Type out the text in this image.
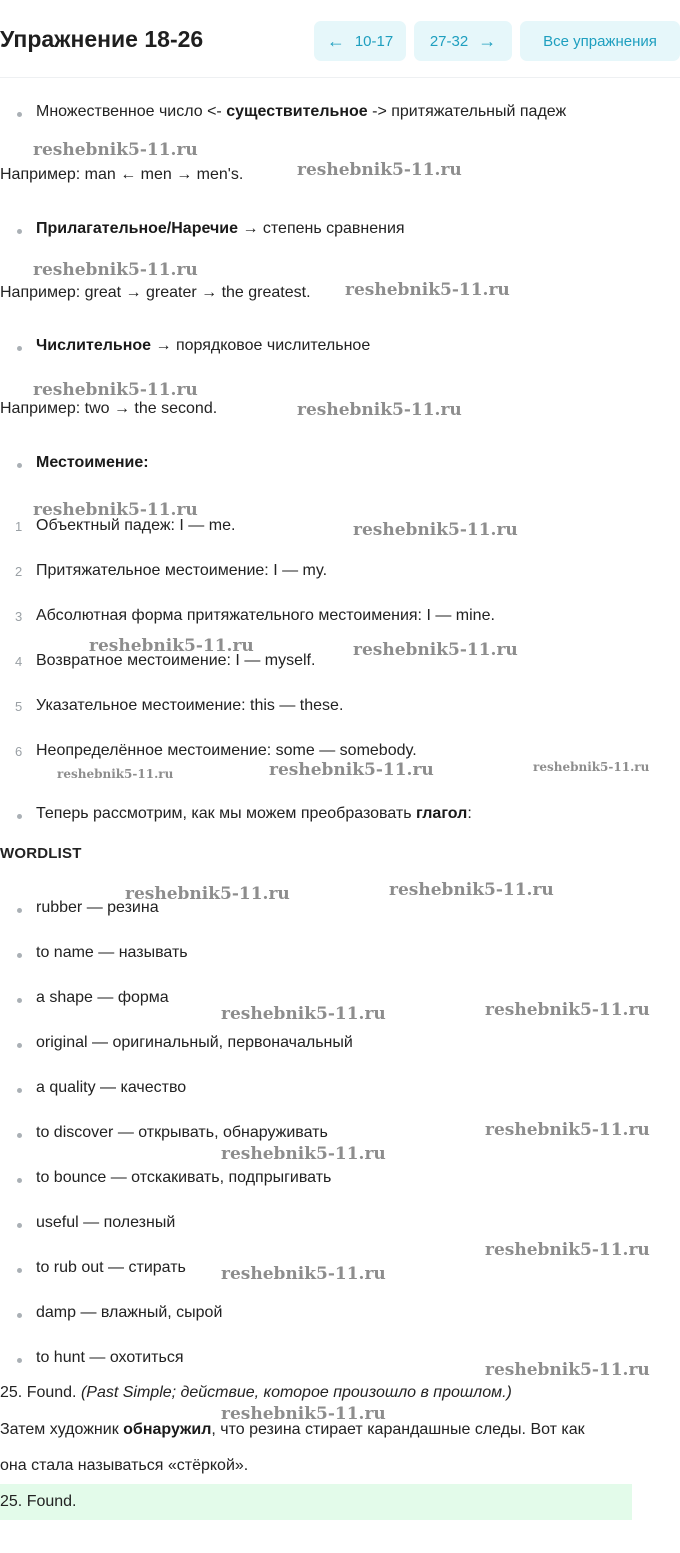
Упражнение 18-26	← 10-17 27-32 →	Все упражнения
Множественное число <- существительное -> притяжательный падеж
Например: man ← men → men's.
Прилагательное/Наречие → степень сравнения
Например: great → greater → the greatest.
Числительное → порядковое числительное
Например: two → the second.
Местоимение:
1 Объектный падеж: I — me.
2 Притяжательное местоимение: I — my.
3 Абсолютная форма притяжательного местоимения: I — mine.
4 Возвратное местоимение: I — myself.
5 Указательное местоимение: this — these.
6 Неопределённое местоимение: some — somebody.
Теперь рассмотрим, как мы можем преобразовать глагол:
WORDLIST
rubber — резина
to name — называть
a shape — форма
original — оригинальный, первоначальный
a quality — качество
to discover — открывать, обнаруживать
to bounce — отскакивать, подпрыгивать
useful — полезный
to rub out — стирать
damp — влажный, сырой
to hunt — охотиться
25. Found. (Past Simple; действие, которое произошло в прошлом.)
Затем художник обнаружил, что резина стирает карандашные следы. Вот как
она стала называться «стёркой».
25. Found.
reshebnik5-11.ru
reshebnik5-11.ru
reshebnik5-11.ru
reshebnik5-11.ru
reshebnik5-11.ru
reshebnik5-11.ru
reshebnik5-11.ru
reshebnik5-11.ru
reshebnik5-11.ru	reshebnik5-11.ru
reshebnik5-11.ru	reshebnik5-11.ru	reshebnik5-11.ru
reshebnik5-11.ru	reshebnik5-11.ru
reshebnik5-11.ru	reshebnik5-11.ru
reshebnik5-11.ru
reshebnik5-11.ru
reshebnik5-11.ru
reshebnik5-11.ru
reshebnik5-11.ru
reshebnik5-11.ru
